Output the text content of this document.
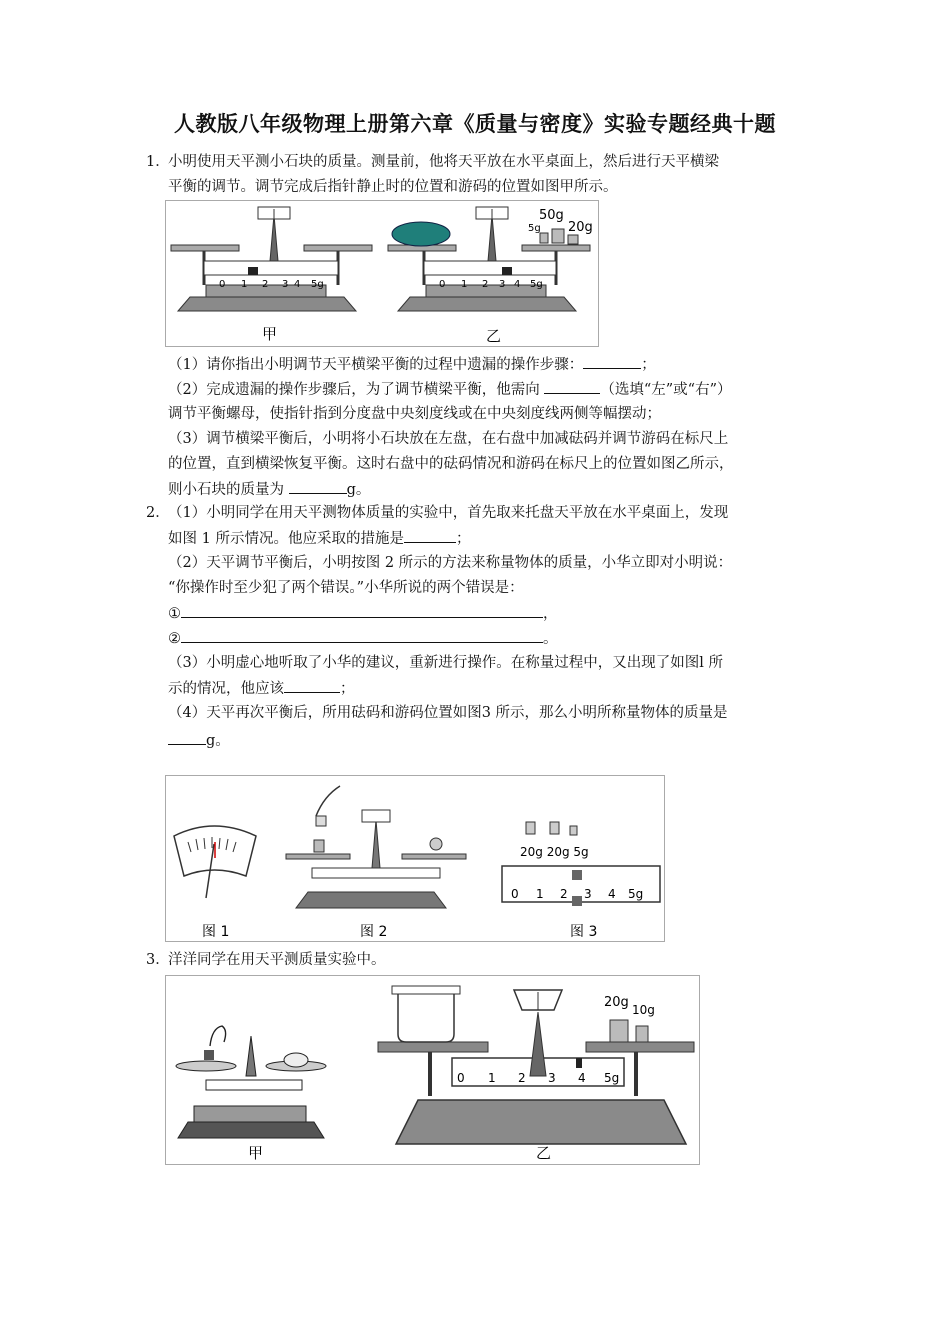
人教版八年级物理上册第六章《质量与密度》实验专题经典十题
1．小明使用天平测小石块的质量。测量前，他将天平放在水平桌面上，然后进行天平横梁
平衡的调节。调节完成后指针静止时的位置和游码的位置如图甲所示。
0 1 2 3 4 5g
甲
0 1 2 3 4 5g
50g
5g 20g
乙
（1）请你指出小明调节天平横梁平衡的过程中遗漏的操作步骤：	；
（2）完成遗漏的操作步骤后，为了调节横梁平衡，他需向	（选填“左”或“右”）
调节平衡螺母，使指针指到分度盘中央刻度线或在中央刻度线两侧等幅摆动；
（3）调节横梁平衡后，小明将小石块放在左盘，在右盘中加减砝码并调节游码在标尺上
的位置，直到横梁恢复平衡。这时右盘中的砝码情况和游码在标尺上的位置如图乙所示，
则小石块的质量为	g。
2．（1）小明同学在用天平测物体质量的实验中，首先取来托盘天平放在水平桌面上，发现
如图 1 所示情况。他应采取的措施是	；
（2）天平调节平衡后，小明按图 2 所示的方法来称量物体的质量，小华立即对小明说：
“你操作时至少犯了两个错误。”小华所说的两个错误是：
①	，
②	。
（3）小明虚心地听取了小华的建议，重新进行操作。在称量过程中，又出现了如图l 所
示的情况，他应该	；
（4）天平再次平衡后，所用砝码和游码位置如图3 所示，那么小明所称量物体的质量是
g。
图 1	图 2
20g 20g 5g
0 1 2 3 4 5g
图 3
3．洋洋同学在用天平测质量实验中。
甲
0 1 2 3 4 5g
20g 10g
乙
